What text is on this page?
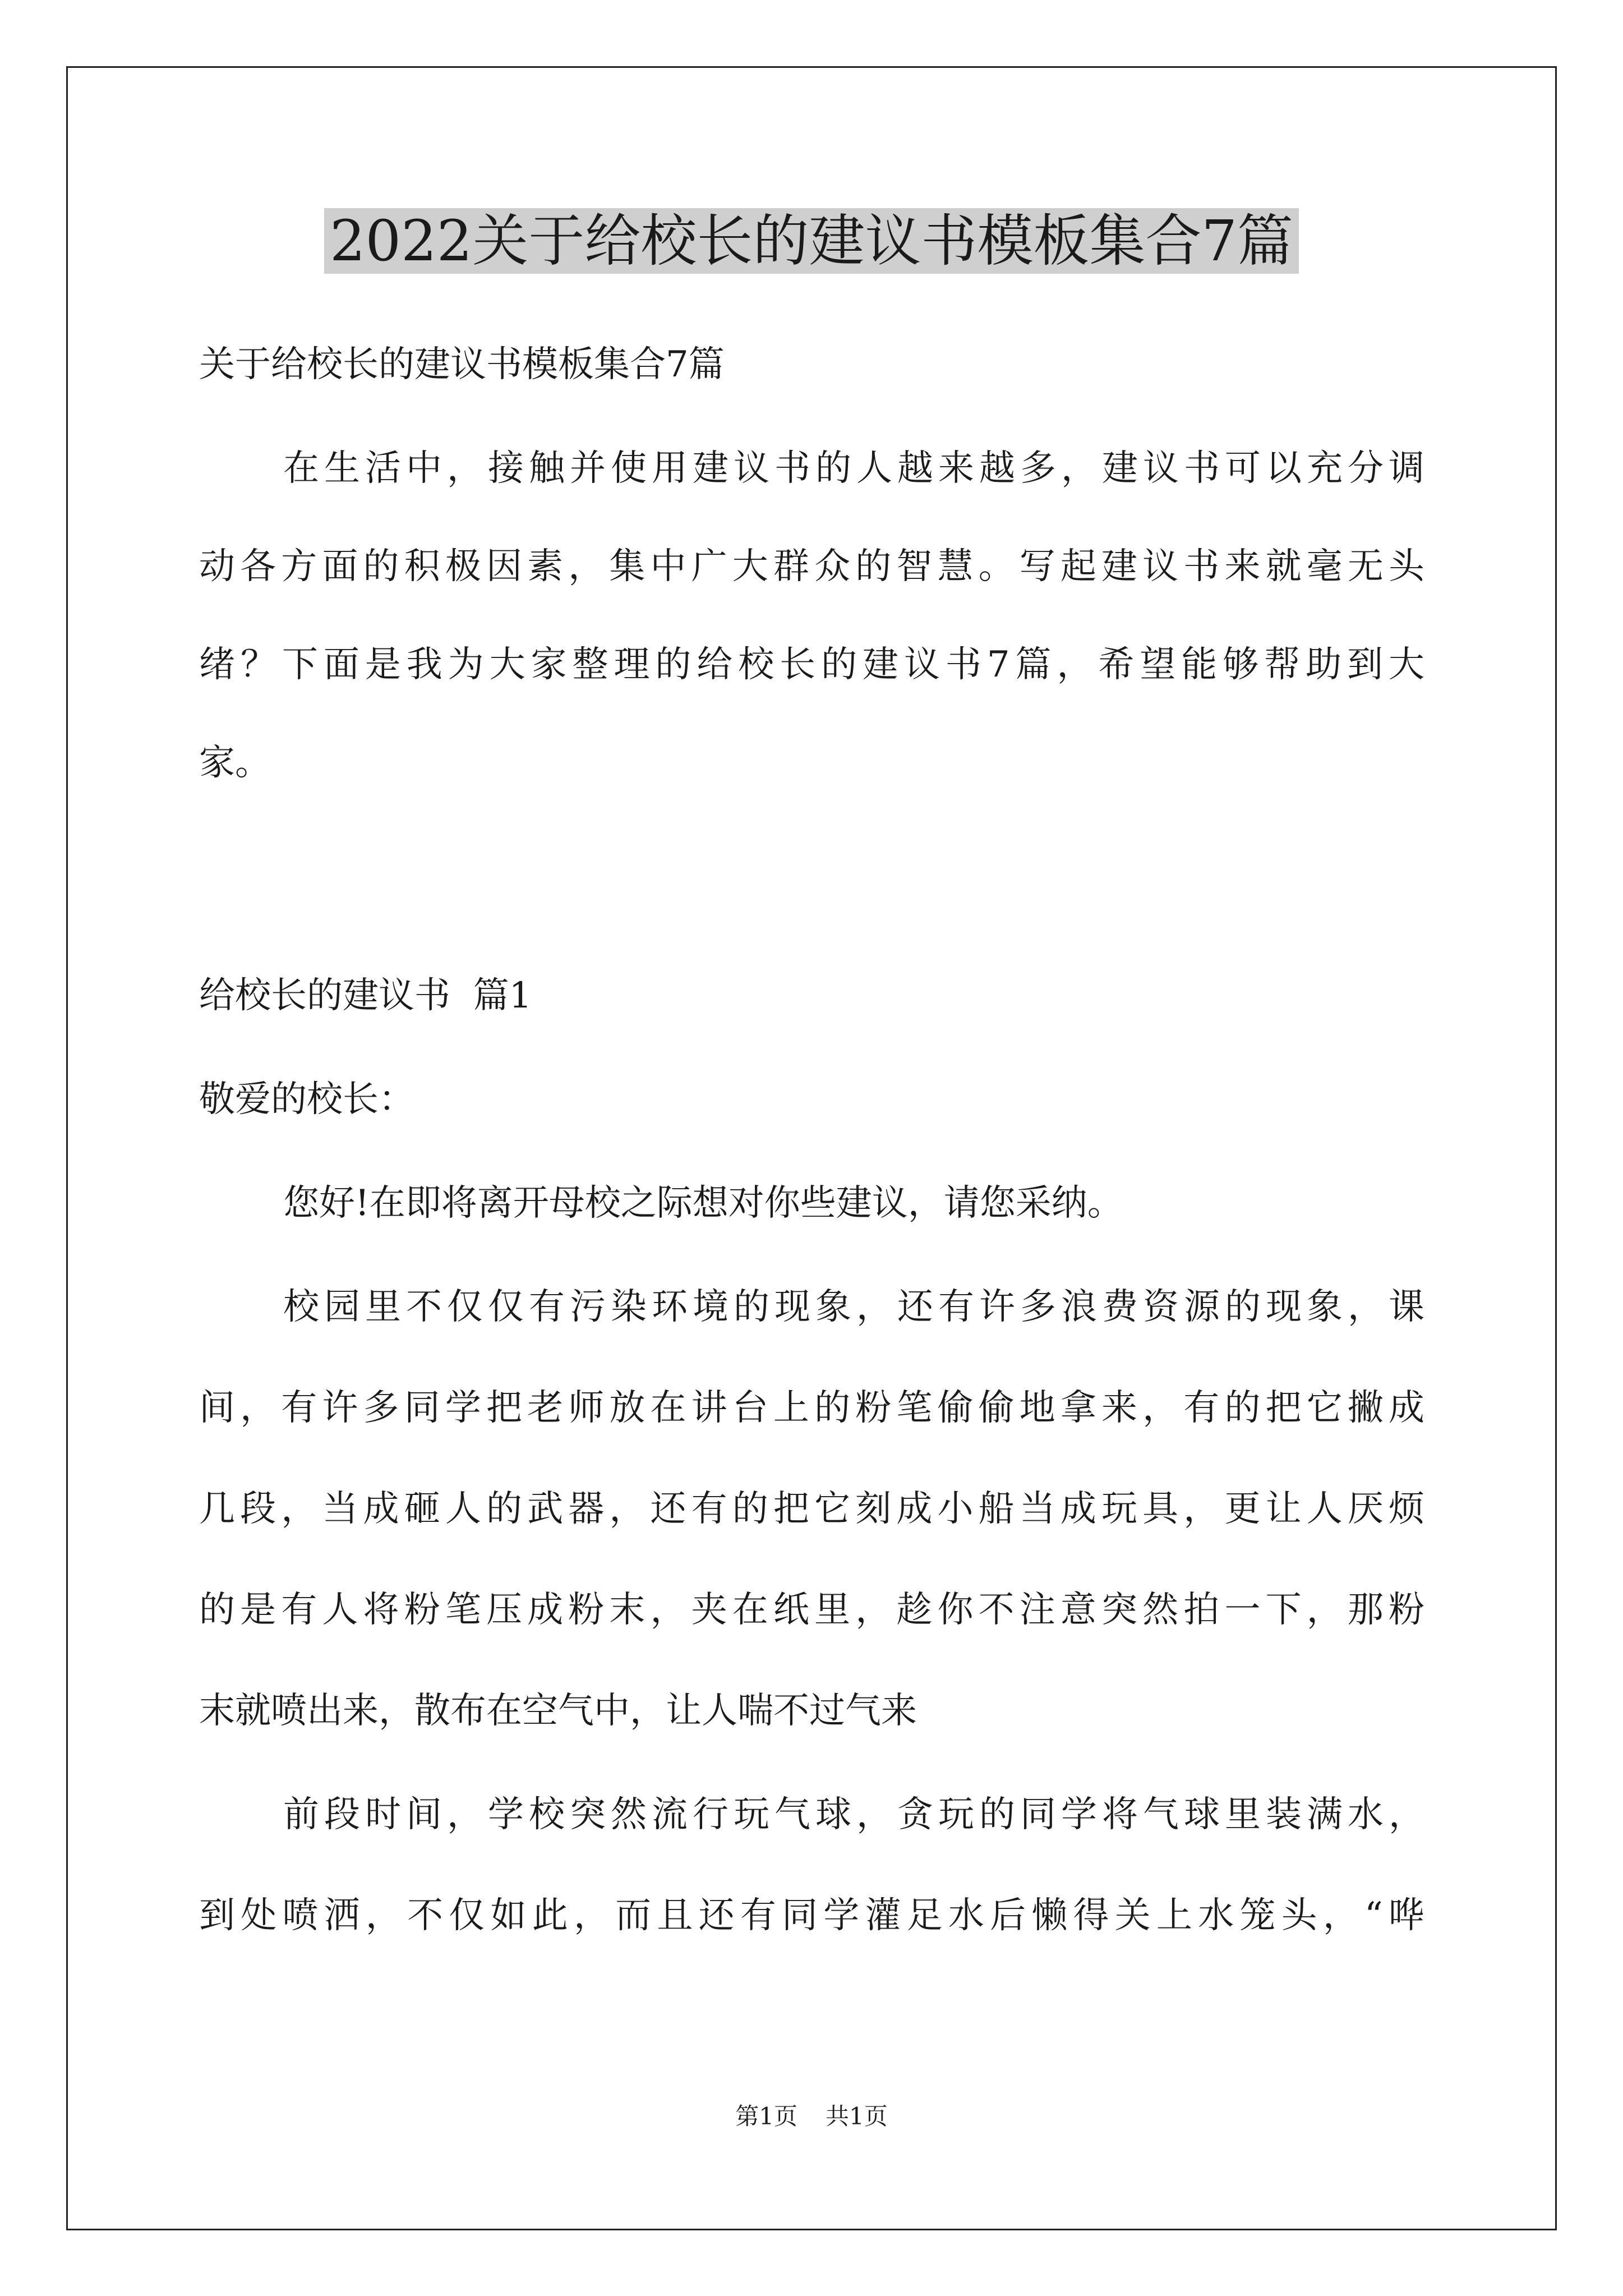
2022关于给校长的建议书模板集合7篇
关于给校长的建议书模板集合7篇
在生活中，接触并使用建议书的人越来越多，建议书可以充分调
动各方面的积极因素，集中广大群众的智慧。写起建议书来就毫无头
绪？下面是我为大家整理的给校长的建议书7篇，希望能够帮助到大
家。
给校长的建议书  篇1
敬爱的校长：
您好!在即将离开母校之际想对你些建议，请您采纳。
校园里不仅仅有污染环境的现象，还有许多浪费资源的现象，课
间，有许多同学把老师放在讲台上的粉笔偷偷地拿来，有的把它撇成
几段，当成砸人的武器，还有的把它刻成小船当成玩具，更让人厌烦
的是有人将粉笔压成粉末，夹在纸里，趁你不注意突然拍一下，那粉
末就喷出来，散布在空气中，让人喘不过气来
前段时间，学校突然流行玩气球，贪玩的同学将气球里装满水，
到处喷洒，不仅如此，而且还有同学灌足水后懒得关上水笼头，“哗
第1页 共1页
